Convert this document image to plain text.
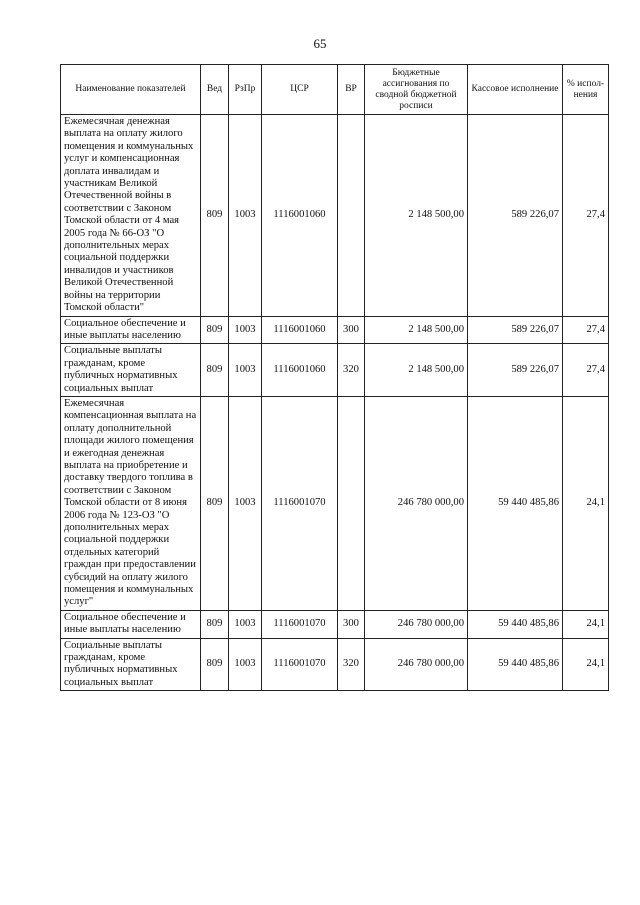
65
Наименование показателей	Вед	РзПр	ЦСР	ВР	Бюджетные ассигнования по сводной бюджетной росписи	Кассовое исполнение	% испол-нения
Ежемесячная денежная выплата на оплату жилого помещения и коммунальных услуг и компенсационная доплата инвалидам и участникам Великой Отечественной войны в соответствии с Законом Томской области от 4 мая 2005 года № 66-ОЗ "О дополнительных мерах социальной поддержки инвалидов и участников Великой Отечественной войны на территории Томской области"	809	1003	1116001060		2 148 500,00	589 226,07	27,4
Социальное обеспечение и иные выплаты населению	809	1003	1116001060	300	2 148 500,00	589 226,07	27,4
Социальные выплаты гражданам, кроме публичных нормативных социальных выплат	809	1003	1116001060	320	2 148 500,00	589 226,07	27,4
Ежемесячная компенсационная выплата на оплату дополнительной площади жилого помещения и ежегодная денежная выплата на приобретение и доставку твердого топлива в соответствии с Законом Томской области от 8 июня 2006 года № 123-ОЗ "О дополнительных мерах социальной поддержки отдельных категорий граждан при предоставлении субсидий на оплату жилого помещения и коммунальных услуг"	809	1003	1116001070		246 780 000,00	59 440 485,86	24,1
Социальное обеспечение и иные выплаты населению	809	1003	1116001070	300	246 780 000,00	59 440 485,86	24,1
Социальные выплаты гражданам, кроме публичных нормативных социальных выплат	809	1003	1116001070	320	246 780 000,00	59 440 485,86	24,1
